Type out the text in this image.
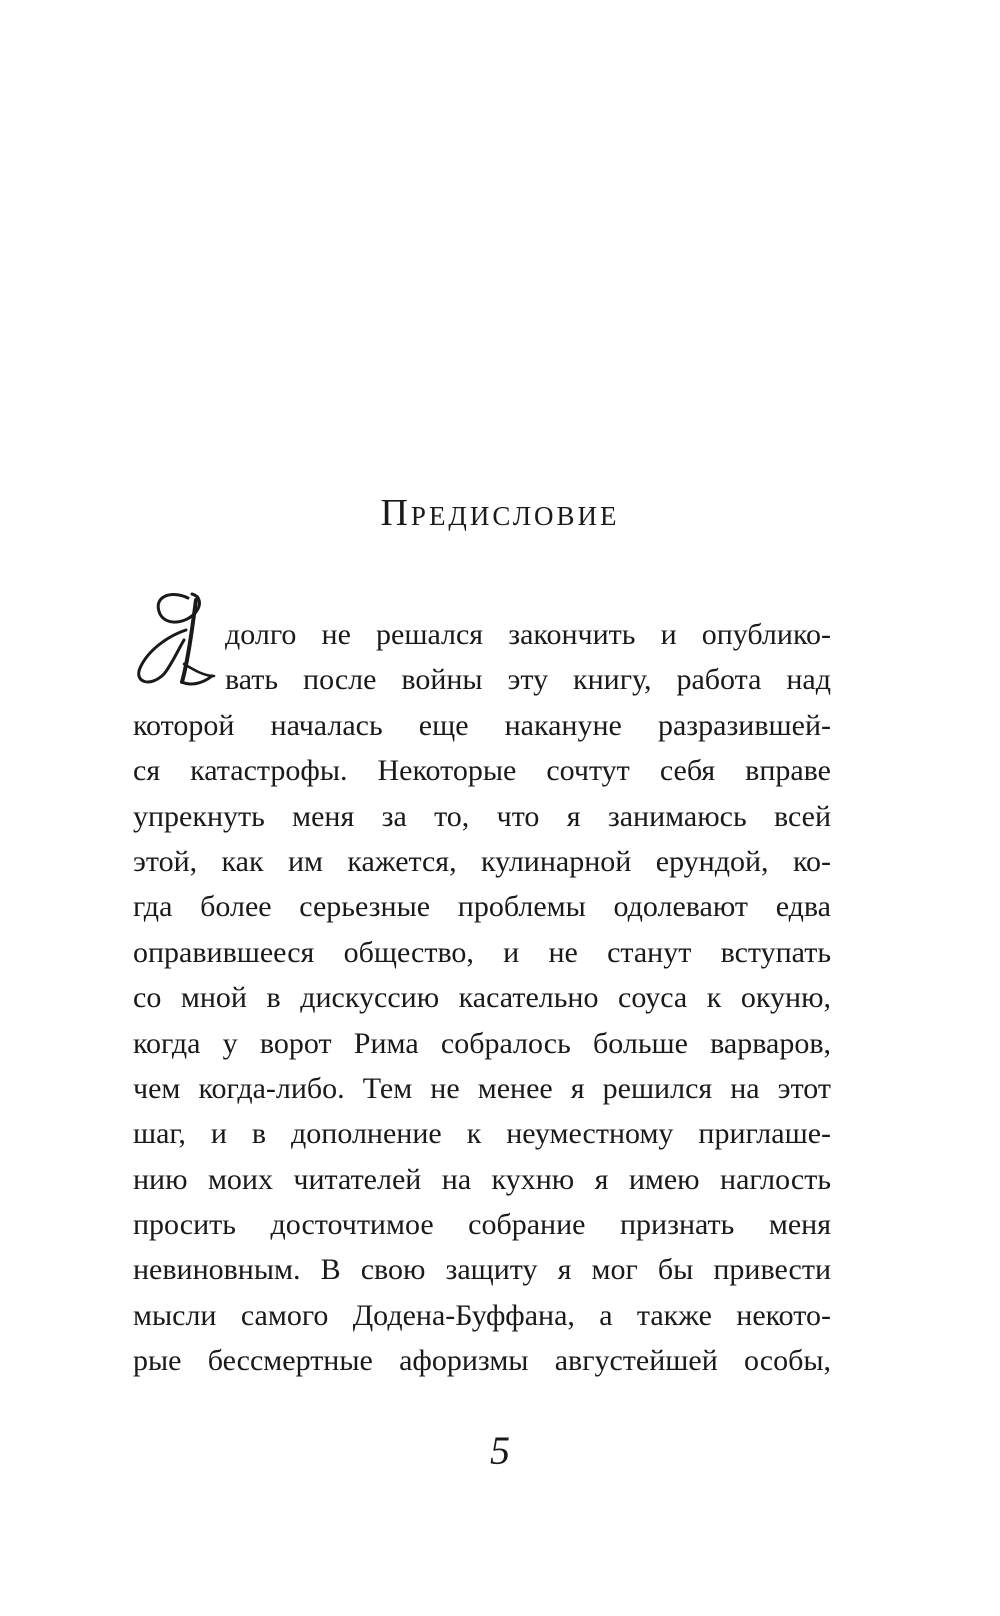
Предисловие
долго не решался закончить и опублико-
вать после войны эту книгу, работа над
которой началась еще накануне разразившей-
ся катастрофы. Некоторые сочтут себя вправе
упрекнуть меня за то, что я занимаюсь всей
этой, как им кажется, кулинарной ерундой, ко-
гда более серьезные проблемы одолевают едва
оправившееся общество, и не станут вступать
со мной в дискуссию касательно соуса к окуню,
когда у ворот Рима собралось больше варваров,
чем когда-либо. Тем не менее я решился на этот
шаг, и в дополнение к неуместному приглаше-
нию моих читателей на кухню я имею наглость
просить досточтимое собрание признать меня
невиновным. В свою защиту я мог бы привести
мысли самого Додена-Буффана, а также некото-
рые бессмертные афоризмы августейшей особы,
5
